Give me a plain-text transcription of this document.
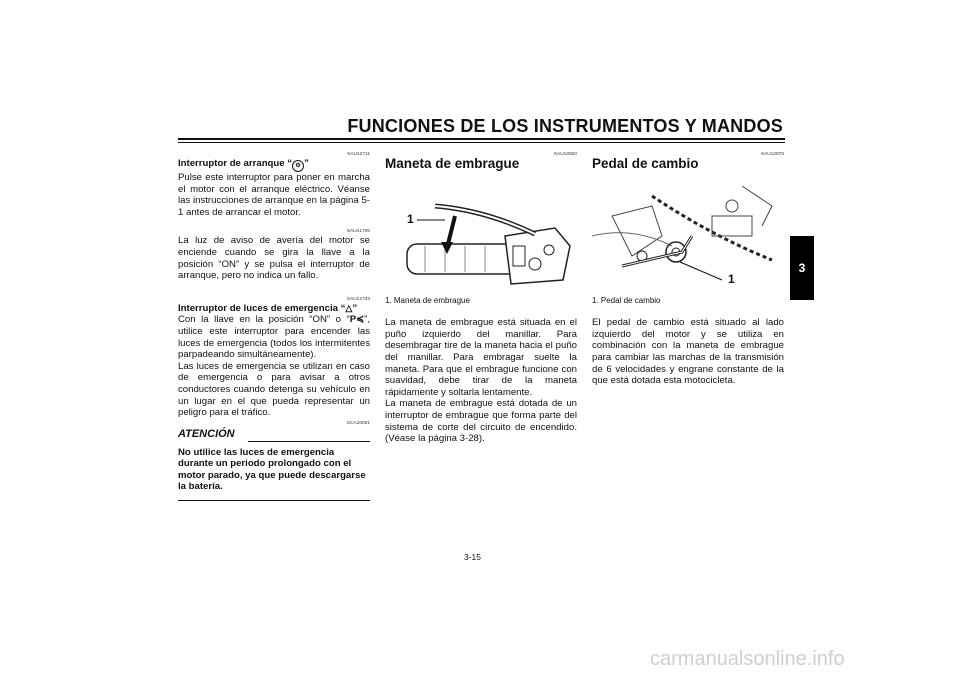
FUNCIONES DE LOS INSTRUMENTOS Y MANDOS
3
SAU12711
Interruptor de arranque “ ⚙ ”
Pulse este interruptor para poner en marcha el motor con el arranque eléctrico. Véanse las instrucciones de arranque en la página 5-1 antes de arrancar el motor.
SAU41700
La luz de aviso de avería del motor se enciende cuando se gira la llave a la posición “ON” y se pulsa el interruptor de arranque, pero no indica un fallo.
SAU12733
Interruptor de luces de emergencia “△”
Con la llave en la posición “ON” o “P≼”, utilice este interruptor para encender las luces de emergencia (todos los intermitentes parpadeando simultáneamente).
Las luces de emergencia se utilizan en caso de emergencia o para avisar a otros conductores cuando detenga su vehículo en un lugar en el que pueda representar un peligro para el tráfico.
SCA10061
ATENCIÓN
No utilice las luces de emergencia durante un periodo prolongado con el motor parado, ya que puede descargarse la batería.
SAU12820
Maneta de embrague
1
1. Maneta de embrague
La maneta de embrague está situada en el puño izquierdo del manillar. Para desembragar tire de la maneta hacia el puño del manillar. Para embragar suelte la maneta. Para que el embrague funcione con suavidad, debe tirar de la maneta rápidamente y soltarla lentamente.
La maneta de embrague está dotada de un interruptor de embrague que forma parte del sistema de corte del circuito de encendido. (Véase la página 3-28).
SAU12870
Pedal de cambio
1
1. Pedal de cambio
El pedal de cambio está situado al lado izquierdo del motor y se utiliza en combinación con la maneta de embrague para cambiar las marchas de la transmisión de 6 velocidades y engrane constante de la que está dotada esta motocicleta.
3-15
carmanualsonline.info
